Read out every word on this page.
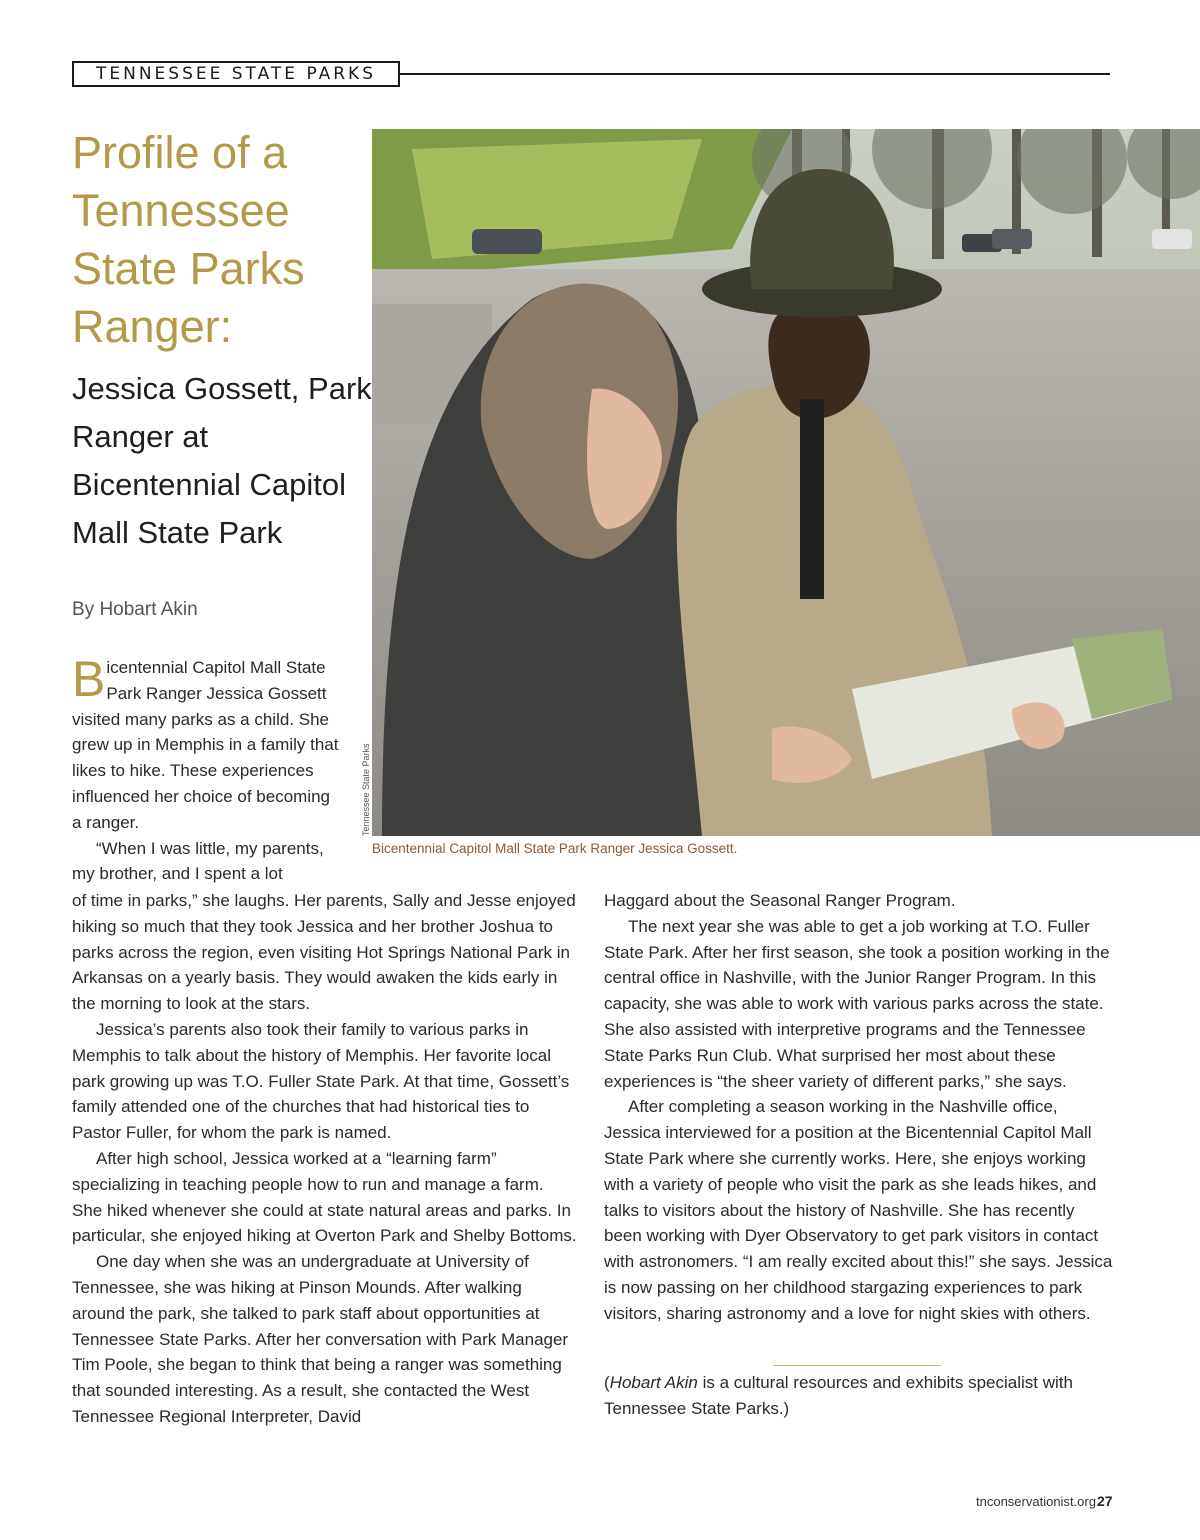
TENNESSEE STATE PARKS
Profile of a Tennessee State Parks Ranger:
Jessica Gossett, Park Ranger at Bicentennial Capitol Mall State Park
By Hobart Akin
Tennessee State Parks
Bicentennial Capitol Mall State Park Ranger Jessica Gossett.

Bicentennial Capitol Mall State Park Ranger Jessica Gossett visited many parks as a child. She grew up in Memphis in a family that likes to hike. These experiences influenced her choice of becoming a ranger.

“When I was little, my parents, my brother, and I spent a lot

of time in parks,” she laughs. Her parents, Sally and Jesse enjoyed hiking so much that they took Jessica and her brother Joshua to parks across the region, even visiting Hot Springs National Park in Arkansas on a yearly basis. They would awaken the kids early in the morning to look at the stars.

Jessica’s parents also took their family to various parks in Memphis to talk about the history of Memphis. Her favorite local park growing up was T.O. Fuller State Park. At that time, Gossett’s family attended one of the churches that had historical ties to Pastor Fuller, for whom the park is named.

After high school, Jessica worked at a “learning farm” specializing in teaching people how to run and manage a farm. She hiked whenever she could at state natural areas and parks. In particular, she enjoyed hiking at Overton Park and Shelby Bottoms.

One day when she was an undergraduate at University of Tennessee, she was hiking at Pinson Mounds. After walking around the park, she talked to park staff about opportunities at Tennessee State Parks. After her conversation with Park Manager Tim Poole, she began to think that being a ranger was something that sounded interesting. As a result, she contacted the West Tennessee Regional Interpreter, David

Haggard about the Seasonal Ranger Program.

The next year she was able to get a job working at T.O. Fuller State Park. After her first season, she took a position working in the central office in Nashville, with the Junior Ranger Program. In this capacity, she was able to work with various parks across the state. She also assisted with interpretive programs and the Tennessee State Parks Run Club. What surprised her most about these experiences is “the sheer variety of different parks,” she says.

After completing a season working in the Nashville office, Jessica interviewed for a position at the Bicentennial Capitol Mall State Park where she currently works. Here, she enjoys working with a variety of people who visit the park as she leads hikes, and talks to visitors about the history of Nashville. She has recently been working with Dyer Observatory to get park visitors in contact with astronomers. “I am really excited about this!” she says. Jessica is now passing on her childhood stargazing experiences to park visitors, sharing astronomy and a love for night skies with others.

(Hobart Akin is a cultural resources and exhibits specialist with Tennessee State Parks.)
tnconservationist.org 27
